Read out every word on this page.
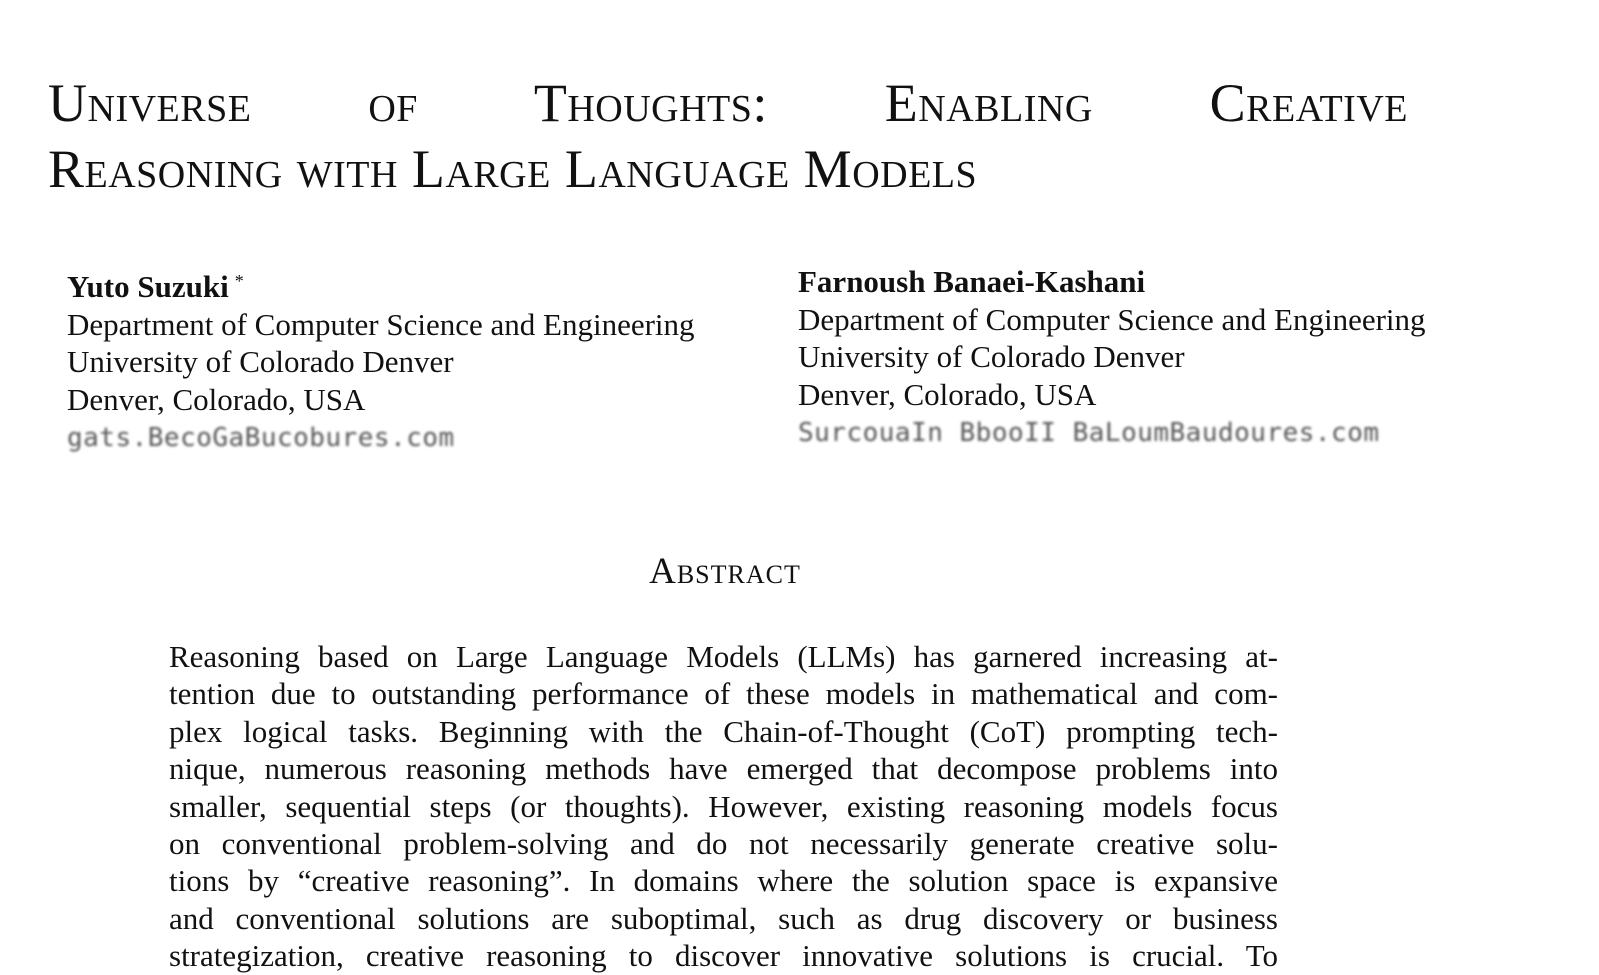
Universe of Thoughts: Enabling Creative
Reasoning with Large Language Models
Yuto Suzuki *
Department of Computer Science and Engineering
University of Colorado Denver
Denver, Colorado, USA
gats.BecoGaBucobures.com
Farnoush Banaei-Kashani
Department of Computer Science and Engineering
University of Colorado Denver
Denver, Colorado, USA
SurcouaIn BbooII BaLoumBaudoures.com
Abstract
Reasoning based on Large Language Models (LLMs) has garnered increasing at-
tention due to outstanding performance of these models in mathematical and com-
plex logical tasks. Beginning with the Chain-of-Thought (CoT) prompting tech-
nique, numerous reasoning methods have emerged that decompose problems into
smaller, sequential steps (or thoughts). However, existing reasoning models focus
on conventional problem-solving and do not necessarily generate creative solu-
tions by “creative reasoning”. In domains where the solution space is expansive
and conventional solutions are suboptimal, such as drug discovery or business
strategization, creative reasoning to discover innovative solutions is crucial. To
